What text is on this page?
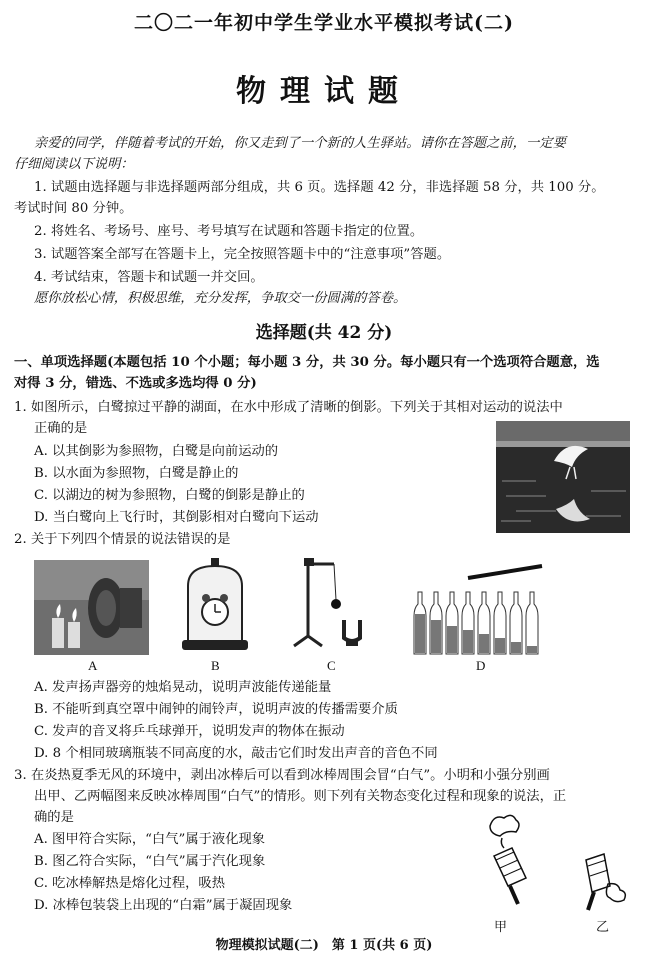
二〇二一年初中学生学业水平模拟考试(二)
物理试题
亲爱的同学，伴随着考试的开始，你又走到了一个新的人生驿站。请你在答题之前，一定要
仔细阅读以下说明：
1. 试题由选择题与非选择题两部分组成，共 6 页。选择题 42 分，非选择题 58 分，共 100 分。
考试时间 80 分钟。
2. 将姓名、考场号、座号、考号填写在试题和答题卡指定的位置。
3. 试题答案全部写在答题卡上，完全按照答题卡中的“注意事项”答题。
4. 考试结束，答题卡和试题一并交回。
愿你放松心情，积极思维，充分发挥，争取交一份圆满的答卷。
选择题(共 42 分)
一、单项选择题(本题包括 10 个小题；每小题 3 分，共 30 分。每小题只有一个选项符合题意，选
对得 3 分，错选、不选或多选均得 0 分)
1. 如图所示，白鹭掠过平静的湖面，在水中形成了清晰的倒影。下列关于其相对运动的说法中
正确的是
A. 以其倒影为参照物，白鹭是向前运动的
B. 以水面为参照物，白鹭是静止的
C. 以湖边的树为参照物，白鹭的倒影是静止的
D. 当白鹭向上飞行时，其倒影相对白鹭向下运动
2. 关于下列四个情景的说法错误的是
A	B	C	D
A. 发声扬声器旁的烛焰晃动，说明声波能传递能量
B. 不能听到真空罩中闹钟的闹铃声，说明声波的传播需要介质
C. 发声的音叉将乒乓球弹开，说明发声的物体在振动
D. 8 个相同玻璃瓶装不同高度的水，敲击它们时发出声音的音色不同
3. 在炎热夏季无风的环境中，剥出冰棒后可以看到冰棒周围会冒“白气”。小明和小强分别画
出甲、乙两幅图来反映冰棒周围“白气”的情形。则下列有关物态变化过程和现象的说法，正
确的是
A. 图甲符合实际，“白气”属于液化现象
B. 图乙符合实际，“白气”属于汽化现象
C. 吃冰棒解热是熔化过程，吸热
D. 冰棒包装袋上出现的“白霜”属于凝固现象
甲	乙
物理模拟试题(二)　第 1 页(共 6 页)
